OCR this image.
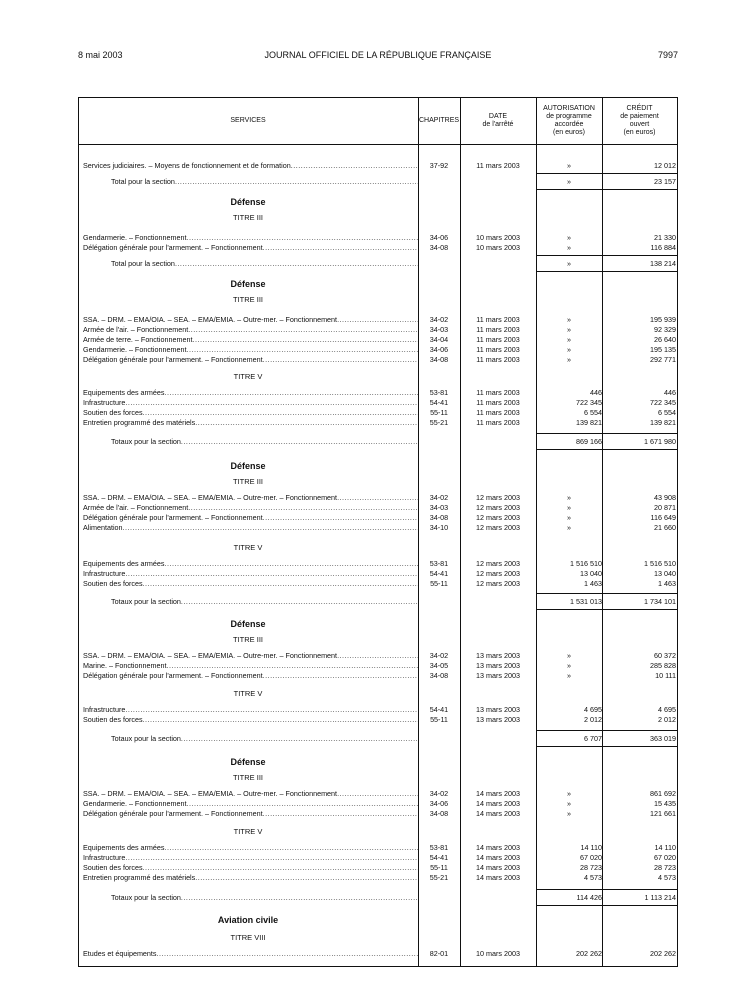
8 mai 2003	JOURNAL OFFICIEL DE LA RÉPUBLIQUE FRANÇAISE	7997
SERVICES	CHAPITRES
DATE
de l'arrêté
AUTORISATION
de programme
accordée
(en euros)
CRÉDIT
de paiement
ouvert
(en euros)
Défense
TITRE III
Défense
TITRE III
TITRE V
Défense
TITRE III
TITRE V
Défense
TITRE III
TITRE V
Défense
TITRE III
TITRE V
Aviation civile
TITRE VIII
Services judiciaires. – Moyens de fonctionnement et de formation .....	37-92	11 mars 2003	»	12 012
Total pour la section .....	»	23 157
Gendarmerie. – Fonctionnement .....	34-06	10 mars 2003	»	21 330
Délégation générale pour l'armement. – Fonctionnement .....	34-08	10 mars 2003	»	116 884
Total pour la section .....	»	138 214
SSA. – DRM. – EMA/OIA. – SEA. – EMA/EMIA. – Outre-mer. – Fonctionnement .....	34-02	11 mars 2003	»	195 939
Armée de l'air. – Fonctionnement .....	34-03	11 mars 2003	»	92 329
Armée de terre. – Fonctionnement .....	34-04	11 mars 2003	»	26 640
Gendarmerie. – Fonctionnement .....	34-06	11 mars 2003	»	195 135
Délégation générale pour l'armement. – Fonctionnement .....	34-08	11 mars 2003	»	292 771
Equipements des armées .....	53-81	11 mars 2003	446	446
Infrastructure .....	54-41	11 mars 2003	722 345	722 345
Soutien des forces .....	55-11	11 mars 2003	6 554	6 554
Entretien programmé des matériels .....	55-21	11 mars 2003	139 821	139 821
Totaux pour la section .....	869 166	1 671 980
SSA. – DRM. – EMA/OIA. – SEA. – EMA/EMIA. – Outre-mer. – Fonctionnement .....	34-02	12 mars 2003	»	43 908
Armée de l'air. – Fonctionnement .....	34-03	12 mars 2003	»	20 871
Délégation générale pour l'armement. – Fonctionnement .....	34-08	12 mars 2003	»	116 649
Alimentation .....	34-10	12 mars 2003	»	21 660
Equipements des armées .....	53-81	12 mars 2003	1 516 510	1 516 510
Infrastructure .....	54-41	12 mars 2003	13 040	13 040
Soutien des forces .....	55-11	12 mars 2003	1 463	1 463
Totaux pour la section .....	1 531 013	1 734 101
SSA. – DRM. – EMA/OIA. – SEA. – EMA/EMIA. – Outre-mer. – Fonctionnement .....	34-02	13 mars 2003	»	60 372
Marine. – Fonctionnement .....	34-05	13 mars 2003	»	285 828
Délégation générale pour l'armement. – Fonctionnement .....	34-08	13 mars 2003	»	10 111
Infrastructure .....	54-41	13 mars 2003	4 695	4 695
Soutien des forces .....	55-11	13 mars 2003	2 012	2 012
Totaux pour la section .....	6 707	363 019
SSA. – DRM. – EMA/OIA. – SEA. – EMA/EMIA. – Outre-mer. – Fonctionnement .....	34-02	14 mars 2003	»	861 692
Gendarmerie. – Fonctionnement .....	34-06	14 mars 2003	»	15 435
Délégation générale pour l'armement. – Fonctionnement .....	34-08	14 mars 2003	»	121 661
Equipements des armées .....	53-81	14 mars 2003	14 110	14 110
Infrastructure .....	54-41	14 mars 2003	67 020	67 020
Soutien des forces .....	55-11	14 mars 2003	28 723	28 723
Entretien programmé des matériels .....	55-21	14 mars 2003	4 573	4 573
Totaux pour la section .....	114 426	1 113 214
Etudes et équipements .....	82-01	10 mars 2003	202 262	202 262
